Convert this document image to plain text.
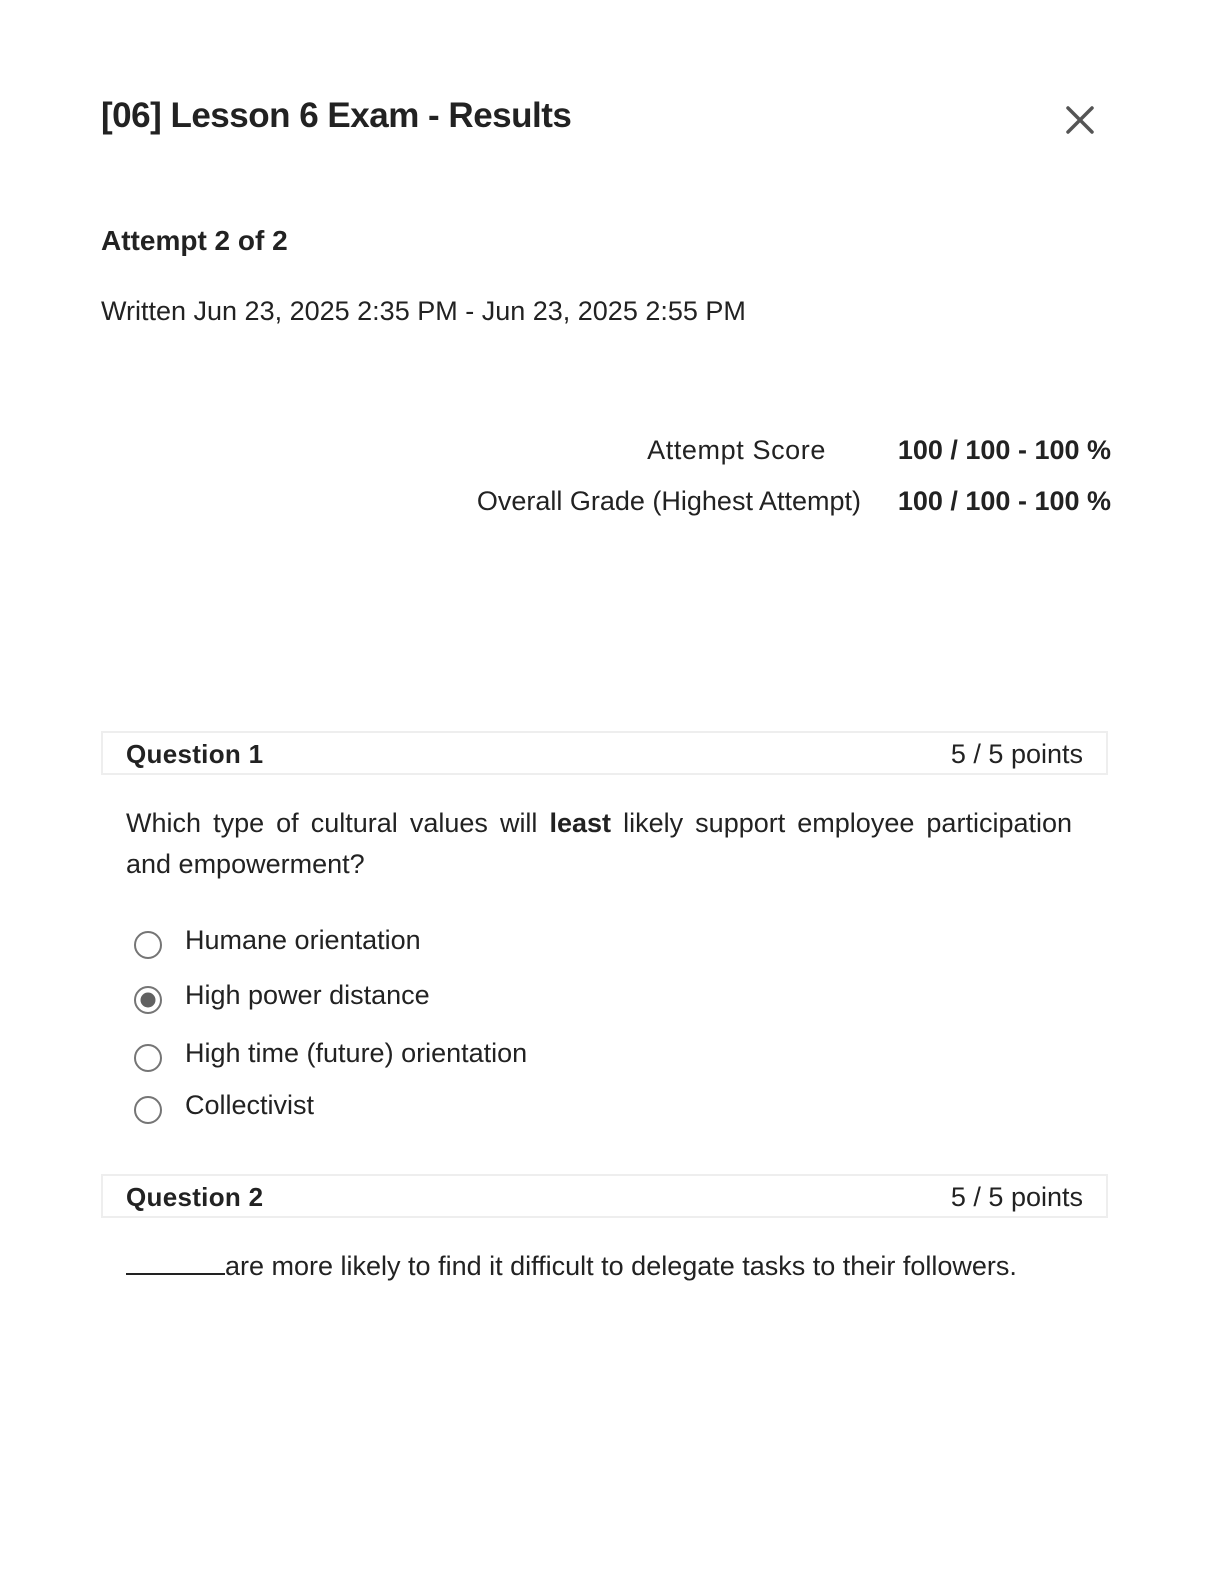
[06] Lesson 6 Exam - Results
Attempt 2 of 2
Written Jun 23, 2025 2:35 PM - Jun 23, 2025 2:55 PM
Attempt Score	100 / 100 - 100 %
Overall Grade (Highest Attempt)	100 / 100 - 100 %
Question 1	5 / 5 points
Which type of cultural values will least likely support employee participation and empowerment?
Humane orientation
High power distance
High time (future) orientation
Collectivist
Question 2	5 / 5 points
are more likely to find it difficult to delegate tasks to their followers.
